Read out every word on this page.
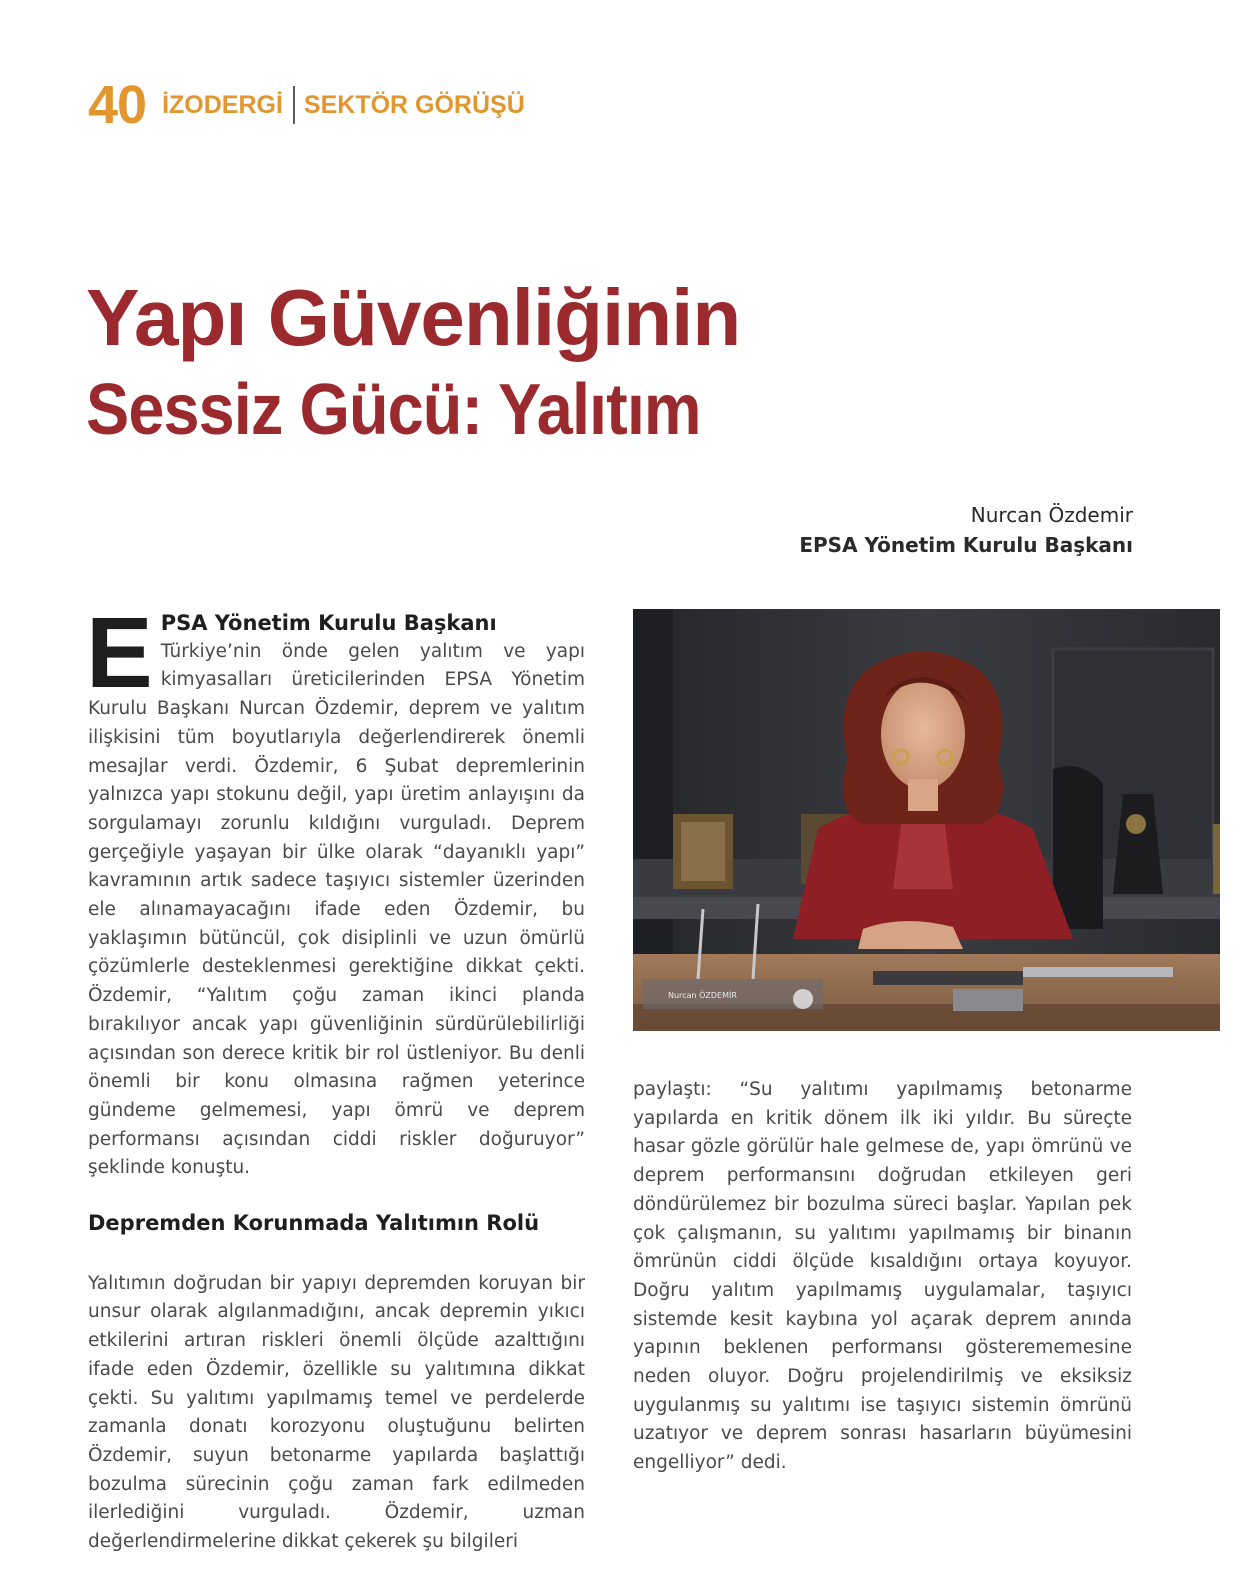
40 İZODERGİ SEKTÖR GÖRÜŞÜ
Yapı Güvenliğinin
Sessiz Gücü: Yalıtım
Nurcan Özdemir
EPSA Yönetim Kurulu Başkanı
E PSA Yönetim Kurulu Başkanı

Türkiye’nin önde gelen yalıtım ve yapı kimyasalları üreticilerinden EPSA Yönetim Kurulu Başkanı Nurcan Özdemir, deprem ve yalıtım ilişkisini tüm boyutlarıyla değerlendirerek önemli mesajlar verdi. Özdemir, 6 Şubat depremlerinin yalnızca yapı stokunu değil, yapı üretim anlayışını da sorgulamayı zorunlu kıldığını vurguladı. Deprem gerçeğiyle yaşayan bir ülke olarak “dayanıklı yapı” kavramının artık sadece taşıyıcı sistemler üzerinden ele alınamayacağını ifade eden Özdemir, bu yaklaşımın bütüncül, çok disiplinli ve uzun ömürlü çözümlerle desteklenmesi gerektiğine dikkat çekti. Özdemir, “Yalıtım çoğu zaman ikinci planda bırakılıyor ancak yapı güvenliğinin sürdürülebilirliği açısından son derece kritik bir rol üstleniyor. Bu denli önemli bir konu olmasına rağmen yeterince gündeme gelmemesi, yapı ömrü ve deprem performansı açısından ciddi riskler doğuruyor” şeklinde konuştu.

Depremden Korunmada Yalıtımın Rolü

Yalıtımın doğrudan bir yapıyı depremden koruyan bir unsur olarak algılanmadığını, ancak depremin yıkıcı etkilerini artıran riskleri önemli ölçüde azalttığını ifade eden Özdemir, özellikle su yalıtımına dikkat çekti. Su yalıtımı yapılmamış temel ve perdelerde zamanla donatı korozyonu oluştuğunu belirten Özdemir, suyun betonarme yapılarda başlattığı bozulma sürecinin çoğu zaman fark edilmeden ilerlediğini vurguladı. Özdemir, uzman değerlendirmelerine dikkat çekerek şu bilgileri

Nurcan ÖZDEMİR

paylaştı: “Su yalıtımı yapılmamış betonarme yapılarda en kritik dönem ilk iki yıldır. Bu süreçte hasar gözle görülür hale gelmese de, yapı ömrünü ve deprem performansını doğrudan etkileyen geri döndürülemez bir bozulma süreci başlar. Yapılan pek çok çalışmanın, su yalıtımı yapılmamış bir binanın ömrünün ciddi ölçüde kısaldığını ortaya koyuyor. Doğru yalıtım yapılmamış uygulamalar, taşıyıcı sistemde kesit kaybına yol açarak deprem anında yapının beklenen performansı gösterememesine neden oluyor. Doğru projelendirilmiş ve eksiksiz uygulanmış su yalıtımı ise taşıyıcı sistemin ömrünü uzatıyor ve deprem sonrası hasarların büyümesini engelliyor” dedi.
